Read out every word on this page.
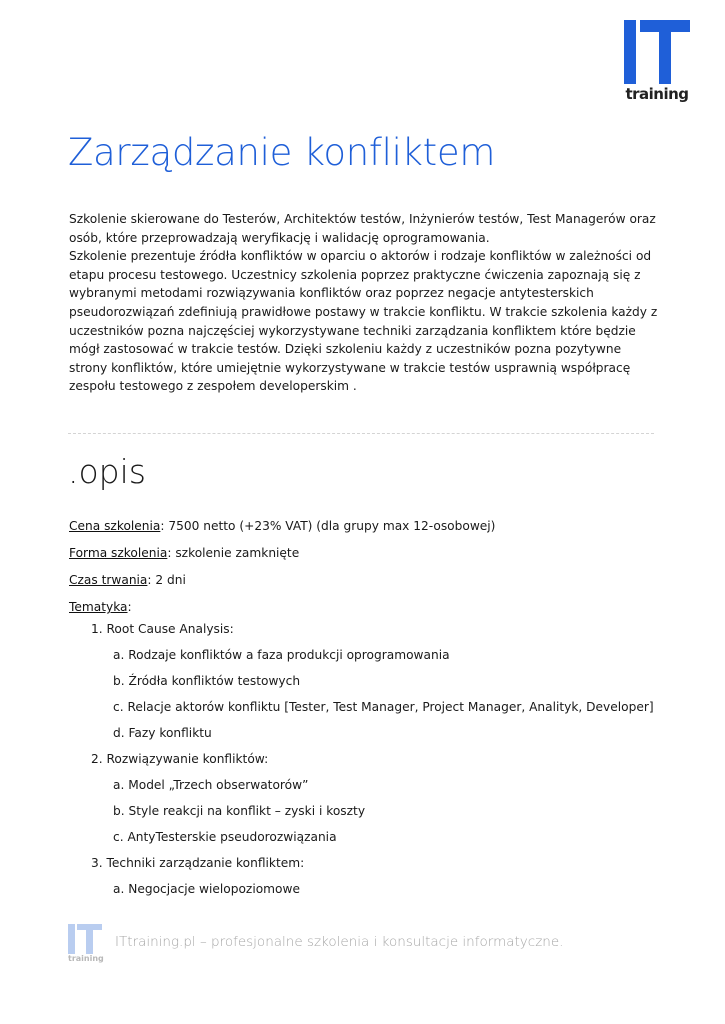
training
Zarządzanie konfliktem

Szkolenie skierowane do Testerów, Architektów testów, Inżynierów testów, Test Managerów oraz osób, które przeprowadzają weryfikację i walidację oprogramowania.

Szkolenie prezentuje źródła konfliktów w oparciu o aktorów i rodzaje konfliktów w zależności od etapu procesu testowego. Uczestnicy szkolenia poprzez praktyczne ćwiczenia zapoznają się z wybranymi metodami rozwiązywania konfliktów oraz poprzez negacje antytesterskich pseudorozwiązań zdefiniują prawidłowe postawy w trakcie konfliktu. W trakcie szkolenia każdy z uczestników pozna najczęściej wykorzystywane techniki zarządzania konfliktem które będzie mógł zastosować w trakcie testów. Dzięki szkoleniu każdy z uczestników pozna pozytywne strony konfliktów, które umiejętnie wykorzystywane w trakcie testów usprawnią współpracę zespołu testowego z zespołem developerskim .

.opis
Cena szkolenia: 7500 netto (+23% VAT) (dla grupy max 12-osobowej)
Forma szkolenia: szkolenie zamknięte
Czas trwania: 2 dni
Tematyka:
1. Root Cause Analysis:
a. Rodzaje konfliktów a faza produkcji oprogramowania
b. Źródła konfliktów testowych
c. Relacje aktorów konfliktu [Tester, Test Manager, Project Manager, Analityk, Developer]
d. Fazy konfliktu
2. Rozwiązywanie konfliktów:
a. Model „Trzech obserwatorów”
b. Style reakcji na konflikt – zyski i koszty
c. AntyTesterskie pseudorozwiązania
3. Techniki zarządzanie konfliktem:
a. Negocjacje wielopoziomowe
training
ITtraining.pl – profesjonalne szkolenia i konsultacje informatyczne.
